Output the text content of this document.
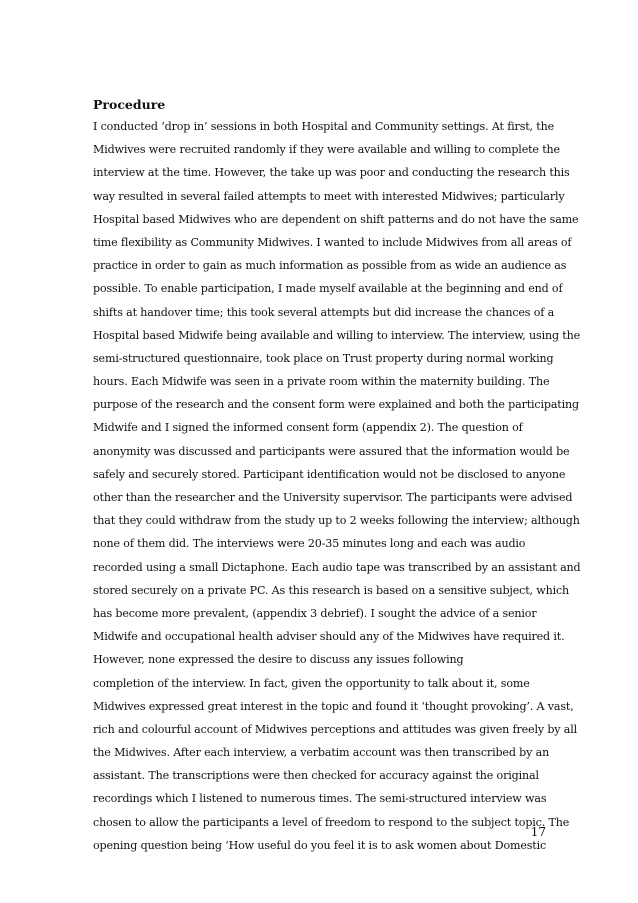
Procedure
I conducted ‘drop in’ sessions in both Hospital and Community settings. At first, the
Midwives were recruited randomly if they were available and willing to complete the
interview at the time. However, the take up was poor and conducting the research this
way resulted in several failed attempts to meet with interested Midwives; particularly
Hospital based Midwives who are dependent on shift patterns and do not have the same
time flexibility as Community Midwives. I wanted to include Midwives from all areas of
practice in order to gain as much information as possible from as wide an audience as
possible. To enable participation, I made myself available at the beginning and end of
shifts at handover time; this took several attempts but did increase the chances of a
Hospital based Midwife being available and willing to interview. The interview, using the
semi-structured questionnaire, took place on Trust property during normal working
hours. Each Midwife was seen in a private room within the maternity building. The
purpose of the research and the consent form were explained and both the participating
Midwife and I signed the informed consent form (appendix 2). The question of
anonymity was discussed and participants were assured that the information would be
safely and securely stored. Participant identification would not be disclosed to anyone
other than the researcher and the University supervisor. The participants were advised
that they could withdraw from the study up to 2 weeks following the interview; although
none of them did. The interviews were 20-35 minutes long and each was audio
recorded using a small Dictaphone. Each audio tape was transcribed by an assistant and
stored securely on a private PC. As this research is based on a sensitive subject, which
has become more prevalent, (appendix 3 debrief). I sought the advice of a senior
Midwife and occupational health adviser should any of the Midwives have required it.
However, none expressed the desire to discuss any issues following
completion of the interview. In fact, given the opportunity to talk about it, some
Midwives expressed great interest in the topic and found it ‘thought provoking’. A vast,
rich and colourful account of Midwives perceptions and attitudes was given freely by all
the Midwives. After each interview, a verbatim account was then transcribed by an
assistant. The transcriptions were then checked for accuracy against the original
recordings which I listened to numerous times. The semi-structured interview was
chosen to allow the participants a level of freedom to respond to the subject topic. The
opening question being ‘How useful do you feel it is to ask women about Domestic
17
